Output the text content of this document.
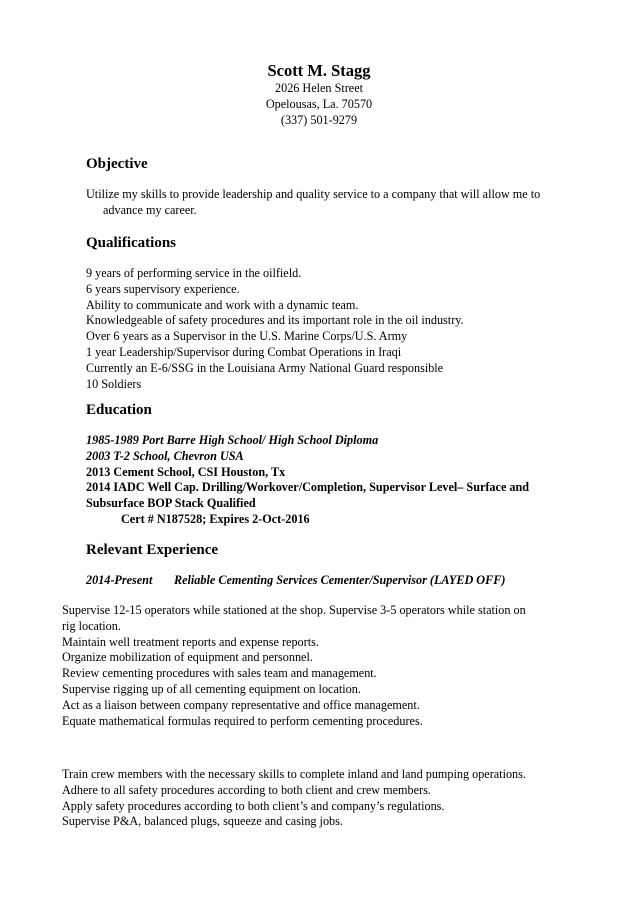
Scott M. Stagg
2026 Helen Street
Opelousas, La. 70570
(337) 501-9279
Objective
Utilize my skills to provide leadership and quality service to a company that will allow me to advance my career.
Qualifications
9 years of performing service in the oilfield.
6 years supervisory experience.
Ability to communicate and work with a dynamic team.
Knowledgeable of safety procedures and its important role in the oil industry.
Over 6 years as a Supervisor in the U.S. Marine Corps/U.S. Army
1 year Leadership/Supervisor during Combat Operations in Iraqi
Currently an E-6/SSG in the Louisiana Army National Guard responsible
10 Soldiers
Education
1985-1989 Port Barre High School/ High School Diploma
2003 T-2 School, Chevron USA
2013 Cement School, CSI Houston, Tx
2014 IADC Well Cap. Drilling/Workover/Completion, Supervisor Level– Surface and Subsurface BOP Stack Qualified
Cert # N187528; Expires 2-Oct-2016
Relevant Experience
2014-Present Reliable Cementing Services Cementer/Supervisor (LAYED OFF)
Supervise 12-15 operators while stationed at the shop. Supervise 3-5 operators while station on rig location.
Maintain well treatment reports and expense reports.
Organize mobilization of equipment and personnel.
Review cementing procedures with sales team and management.
Supervise rigging up of all cementing equipment on location.
Act as a liaison between company representative and office management.
Equate mathematical formulas required to perform cementing procedures.
Train crew members with the necessary skills to complete inland and land pumping operations.
Adhere to all safety procedures according to both client and crew members.
Apply safety procedures according to both client’s and company’s regulations.
Supervise P&A, balanced plugs, squeeze and casing jobs.
